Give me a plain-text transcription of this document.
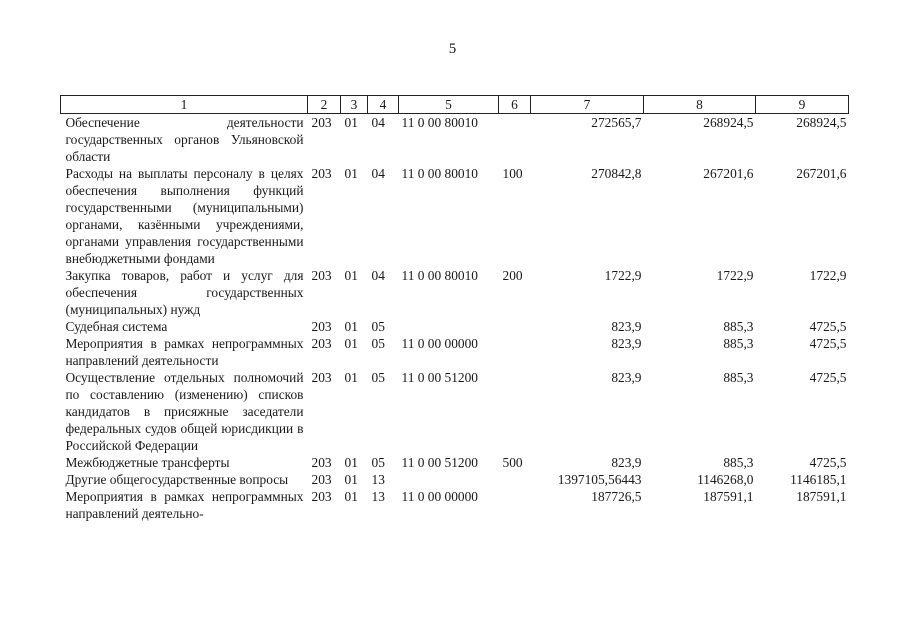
5
1	2	3	4	5	6	7	8	9
Обеспечение деятельности государственных органов Ульяновской области	203	01	04	11 0 00 80010		272565,7	268924,5	268924,5
Расходы на выплаты персоналу в целях обеспечения выполнения функций государственными (муниципальными) органами, казёнными учреждениями, органами управления государственными внебюджетными фондами	203	01	04	11 0 00 80010	100	270842,8	267201,6	267201,6
Закупка товаров, работ и услуг для обеспечения государственных (муниципальных) нужд	203	01	04	11 0 00 80010	200	1722,9	1722,9	1722,9
Судебная система	203	01	05			823,9	885,3	4725,5
Мероприятия в рамках непрограммных направлений деятельности	203	01	05	11 0 00 00000		823,9	885,3	4725,5
Осуществление отдельных полномочий по составлению (изменению) списков кандидатов в присяжные заседатели федеральных судов общей юрисдикции в Российской Федерации	203	01	05	11 0 00 51200		823,9	885,3	4725,5
Межбюджетные трансферты	203	01	05	11 0 00 51200	500	823,9	885,3	4725,5
Другие общегосударственные вопросы	203	01	13			1397105,56443	1146268,0	1146185,1
Мероприятия в рамках непрограммных направлений деятельно-	203	01	13	11 0 00 00000		187726,5	187591,1	187591,1
